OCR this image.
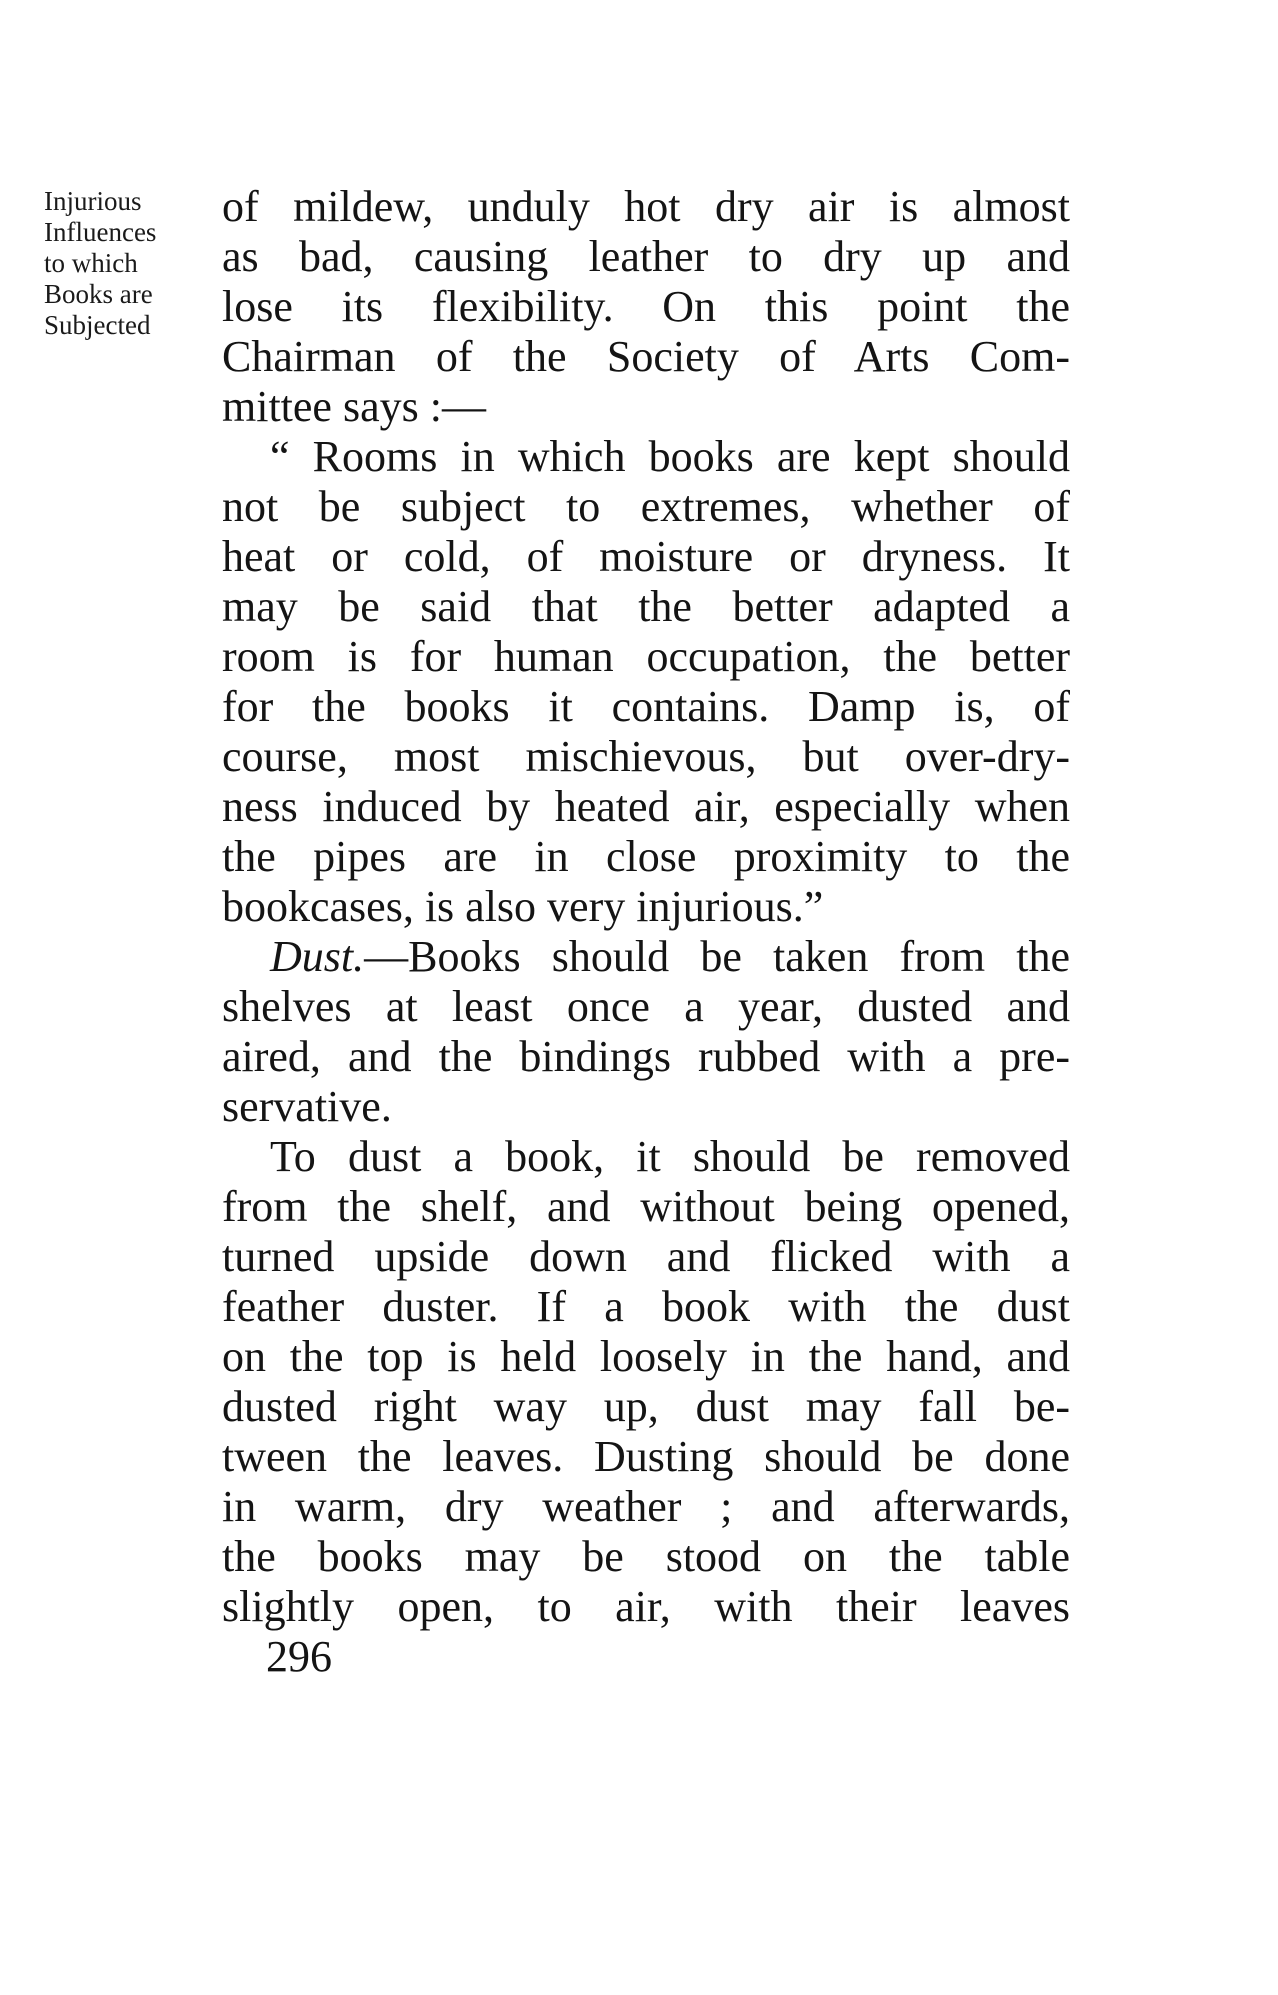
Injurious
Influences
to which
Books are
Subjected
of mildew, unduly hot dry air is almost
as bad, causing leather to dry up and
lose its flexibility. On this point the
Chairman of the Society of Arts Com-
mittee says :—
“ Rooms in which books are kept should
not be subject to extremes, whether of
heat or cold, of moisture or dryness. It
may be said that the better adapted a
room is for human occupation, the better
for the books it contains. Damp is, of
course, most mischievous, but over-dry-
ness induced by heated air, especially when
the pipes are in close proximity to the
bookcases, is also very injurious.”
Dust.—Books should be taken from the
shelves at least once a year, dusted and
aired, and the bindings rubbed with a pre-
servative.
To dust a book, it should be removed
from the shelf, and without being opened,
turned upside down and flicked with a
feather duster. If a book with the dust
on the top is held loosely in the hand, and
dusted right way up, dust may fall be-
tween the leaves. Dusting should be done
in warm, dry weather ; and afterwards,
the books may be stood on the table
slightly open, to air, with their leaves
296
